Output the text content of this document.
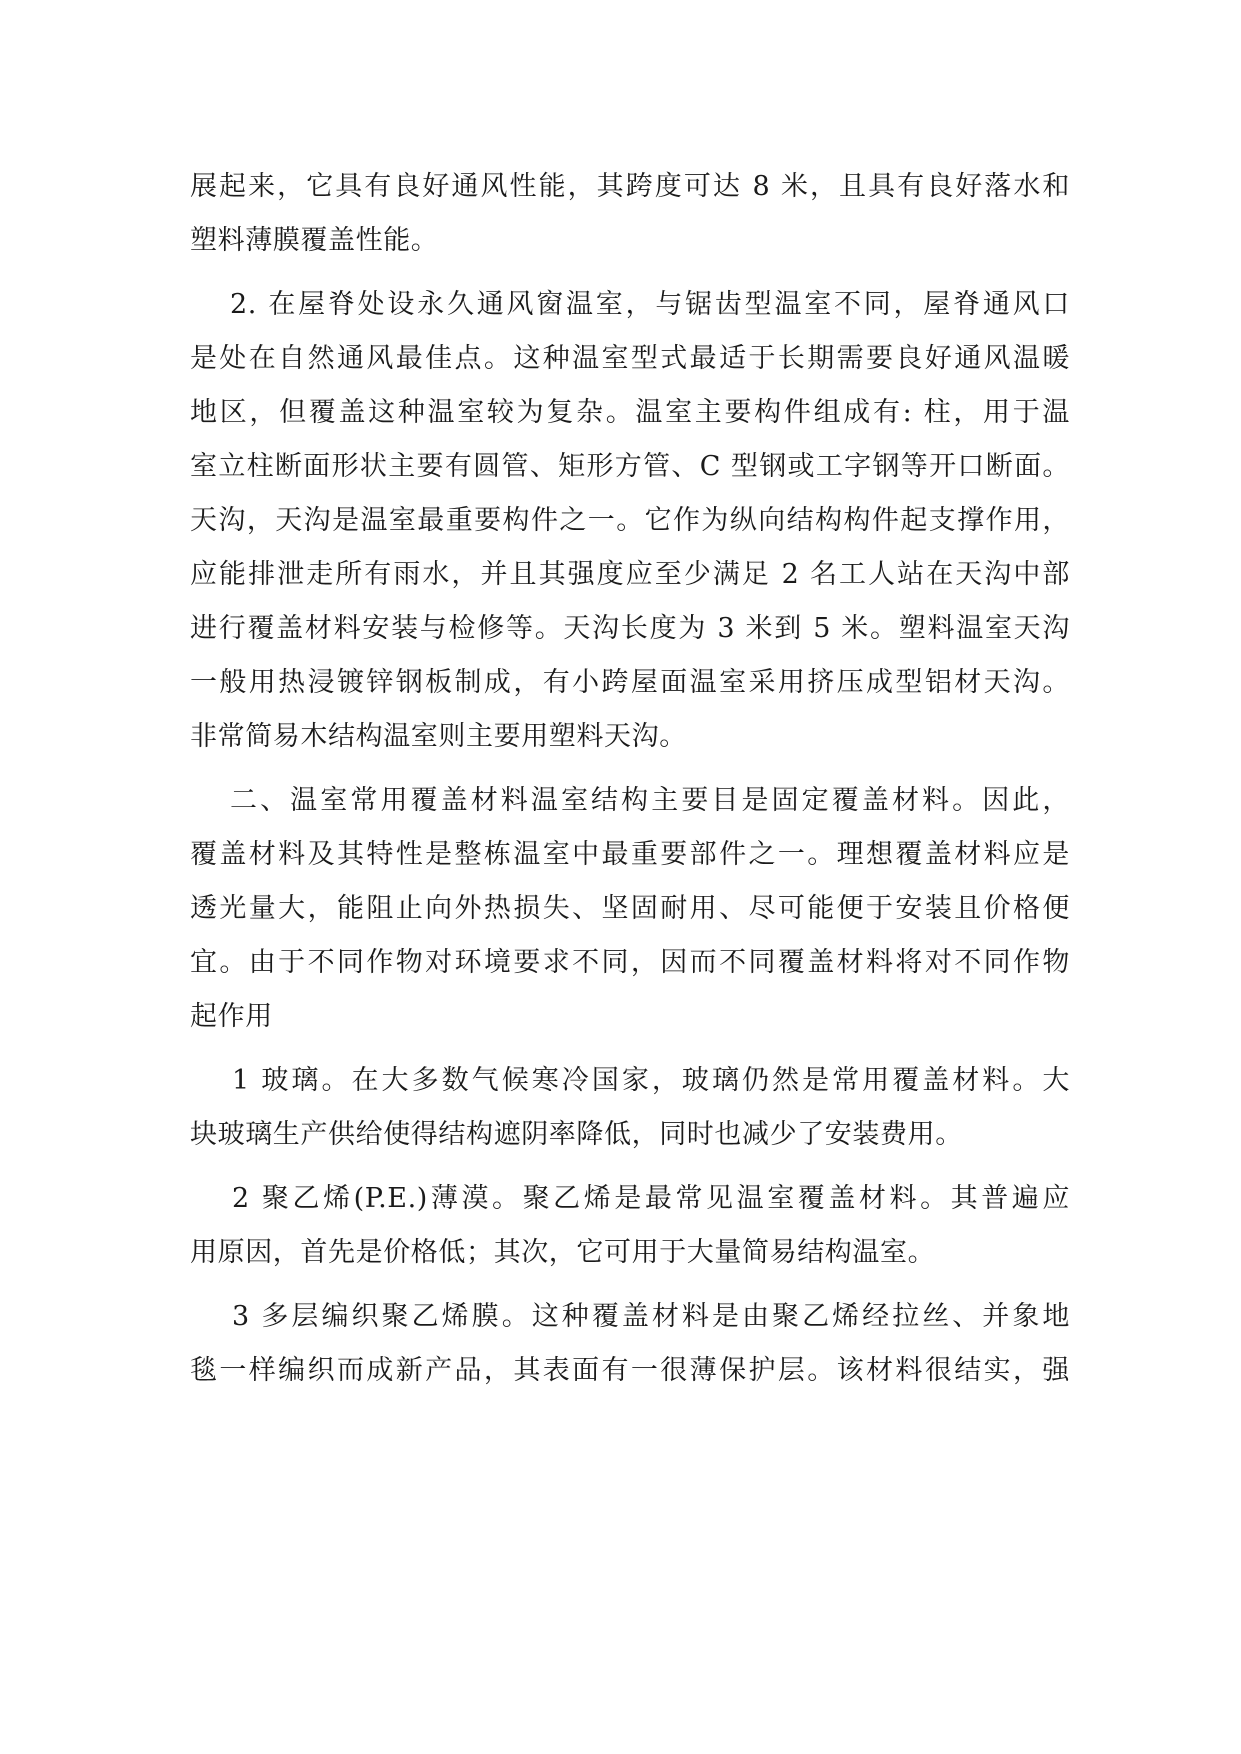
展起来，它具有良好通风性能，其跨度可达 8 米，且具有良好落水和
塑料薄膜覆盖性能。
2. 在屋脊处设永久通风窗温室，与锯齿型温室不同，屋脊通风口
是处在自然通风最佳点。这种温室型式最适于长期需要良好通风温暖
地区，但覆盖这种温室较为复杂。温室主要构件组成有: 柱，用于温
室立柱断面形状主要有圆管、矩形方管、C 型钢或工字钢等开口断面。
天沟，天沟是温室最重要构件之一。它作为纵向结构构件起支撑作用，
应能排泄走所有雨水，并且其强度应至少满足 2 名工人站在天沟中部
进行覆盖材料安装与检修等。天沟长度为 3 米到 5 米。塑料温室天沟
一般用热浸镀锌钢板制成，有小跨屋面温室采用挤压成型铝材天沟。
非常简易木结构温室则主要用塑料天沟。
二、温室常用覆盖材料温室结构主要目是固定覆盖材料。因此，
覆盖材料及其特性是整栋温室中最重要部件之一。理想覆盖材料应是
透光量大，能阻止向外热损失、坚固耐用、尽可能便于安装且价格便
宜。由于不同作物对环境要求不同，因而不同覆盖材料将对不同作物
起作用
1 玻璃。在大多数气候寒冷国家，玻璃仍然是常用覆盖材料。大
块玻璃生产供给使得结构遮阴率降低，同时也减少了安装费用。
2 聚乙烯(P.E.)薄漠。聚乙烯是最常见温室覆盖材料。其普遍应
用原因，首先是价格低；其次，它可用于大量简易结构温室。
3 多层编织聚乙烯膜。这种覆盖材料是由聚乙烯经拉丝、并象地
毯一样编织而成新产品，其表面有一很薄保护层。该材料很结实，强
